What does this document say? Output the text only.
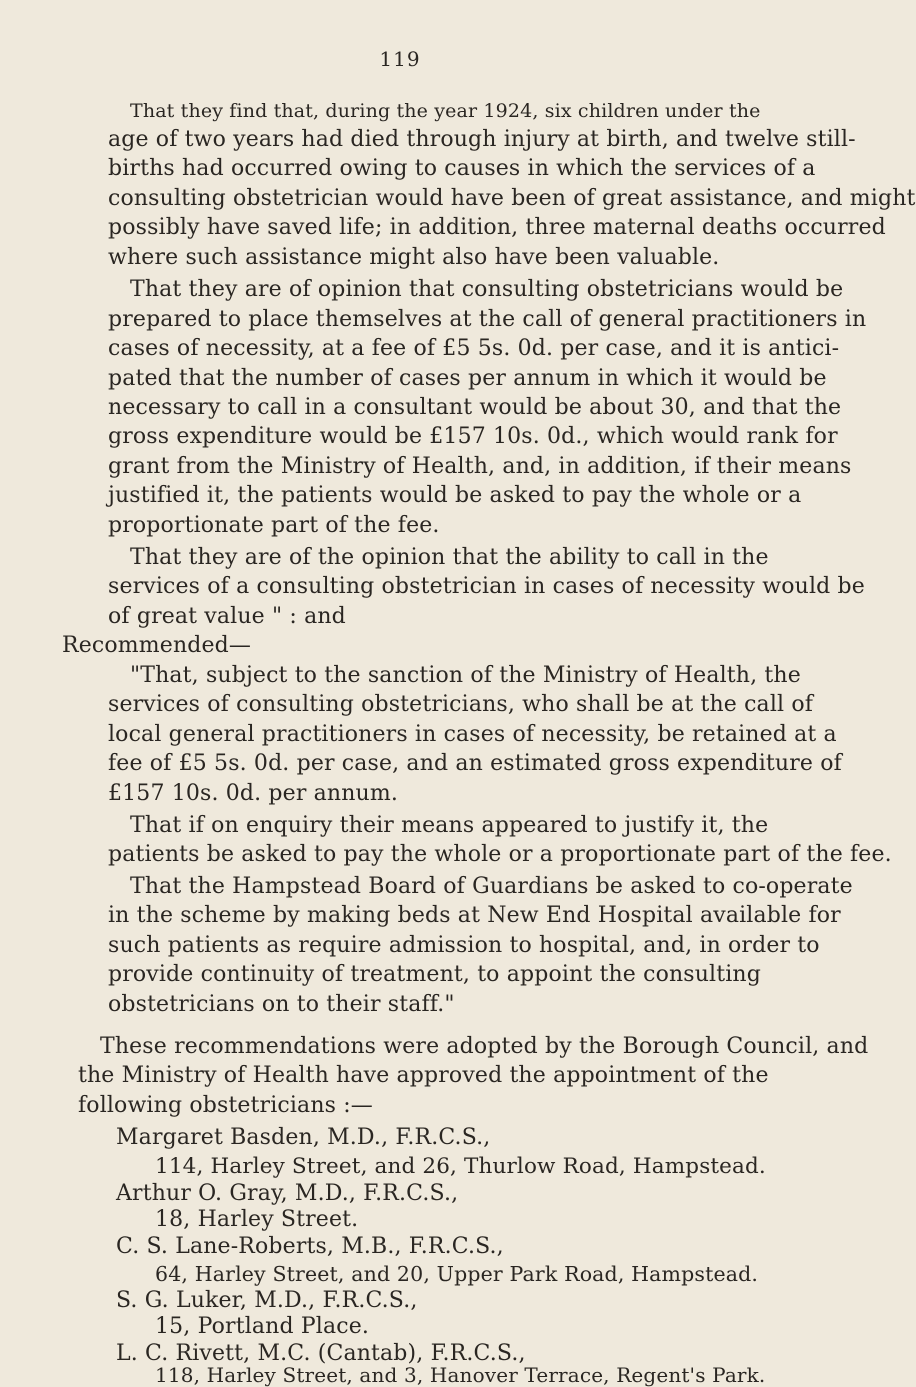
119
That they find that, during the year 1924, six children under the
age of two years had died through injury at birth, and twelve still-
births had occurred owing to causes in which the services of a
consulting obstetrician would have been of great assistance, and might
possibly have saved life; in addition, three maternal deaths occurred
where such assistance might also have been valuable.
That they are of opinion that consulting obstetricians would be
prepared to place themselves at the call of general practitioners in
cases of necessity, at a fee of £5 5s. 0d. per case, and it is antici-
pated that the number of cases per annum in which it would be
necessary to call in a consultant would be about 30, and that the
gross expenditure would be £157 10s. 0d., which would rank for
grant from the Ministry of Health, and, in addition, if their means
justified it, the patients would be asked to pay the whole or a
proportionate part of the fee.
That they are of the opinion that the ability to call in the
services of a consulting obstetrician in cases of necessity would be
of great value " : and
Recommended—
"That, subject to the sanction of the Ministry of Health, the
services of consulting obstetricians, who shall be at the call of
local general practitioners in cases of necessity, be retained at a
fee of £5 5s. 0d. per case, and an estimated gross expenditure of
£157 10s. 0d. per annum.
That if on enquiry their means appeared to justify it, the
patients be asked to pay the whole or a proportionate part of the fee.
That the Hampstead Board of Guardians be asked to co-operate
in the scheme by making beds at New End Hospital available for
such patients as require admission to hospital, and, in order to
provide continuity of treatment, to appoint the consulting
obstetricians on to their staff."
These recommendations were adopted by the Borough Council, and
the Ministry of Health have approved the appointment of the
following obstetricians :—
Margaret Basden, M.D., F.R.C.S.,
114, Harley Street, and 26, Thurlow Road, Hampstead.
Arthur O. Gray, M.D., F.R.C.S.,
18, Harley Street.
C. S. Lane-Roberts, M.B., F.R.C.S.,
64, Harley Street, and 20, Upper Park Road, Hampstead.
S. G. Luker, M.D., F.R.C.S.,
15, Portland Place.
L. C. Rivett, M.C. (Cantab), F.R.C.S.,
118, Harley Street, and 3, Hanover Terrace, Regent's Park.
